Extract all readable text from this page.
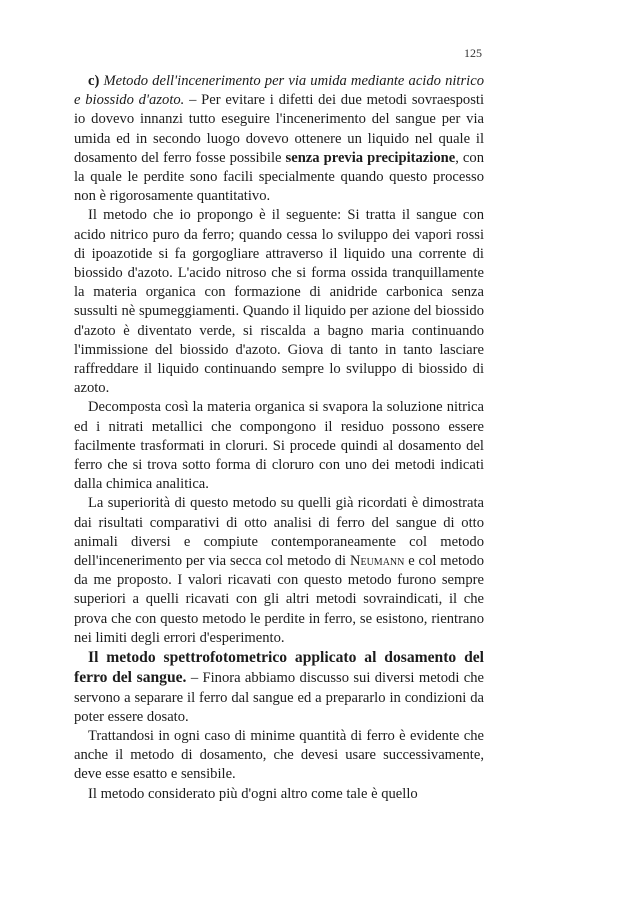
125

c) Metodo dell'incenerimento per via umida mediante acido nitrico e biossido d'azoto. – Per evitare i difetti dei due metodi sovraesposti io dovevo innanzi tutto eseguire l'incenerimento del sangue per via umida ed in secondo luogo dovevo ottenere un liquido nel quale il dosamento del ferro fosse possibile senza previa precipitazione, con la quale le perdite sono facili specialmente quando questo processo non è rigorosamente quantitativo.

Il metodo che io propongo è il seguente: Si tratta il sangue con acido nitrico puro da ferro; quando cessa lo sviluppo dei vapori rossi di ipoazotide si fa gorgogliare attraverso il liquido una corrente di biossido d'azoto. L'acido nitroso che si forma ossida tranquillamente la materia organica con formazione di anidride carbonica senza sussulti nè spumeggiamenti. Quando il liquido per azione del biossido d'azoto è diventato verde, si riscalda a bagno maria continuando l'immissione del biossido d'azoto. Giova di tanto in tanto lasciare raffreddare il liquido continuando sempre lo sviluppo di biossido di azoto.

Decomposta così la materia organica si svapora la soluzione nitrica ed i nitrati metallici che compongono il residuo possono essere facilmente trasformati in cloruri. Si procede quindi al dosamento del ferro che si trova sotto forma di cloruro con uno dei metodi indicati dalla chimica analitica.

La superiorità di questo metodo su quelli già ricordati è dimostrata dai risultati comparativi di otto analisi di ferro del sangue di otto animali diversi e compiute contemporaneamente col metodo dell'incenerimento per via secca col metodo di Neumann e col metodo da me proposto. I valori ricavati con questo metodo furono sempre superiori a quelli ricavati con gli altri metodi sovraindicati, il che prova che con questo metodo le perdite in ferro, se esistono, rientrano nei limiti degli errori d'esperimento.

Il metodo spettrofotometrico applicato al dosamento del ferro del sangue. – Finora abbiamo discusso sui diversi metodi che servono a separare il ferro dal sangue ed a prepararlo in condizioni da poter essere dosato.

Trattandosi in ogni caso di minime quantità di ferro è evidente che anche il metodo di dosamento, che devesi usare successivamente, deve esse esatto e sensibile.

Il metodo considerato più d'ogni altro come tale è quello
